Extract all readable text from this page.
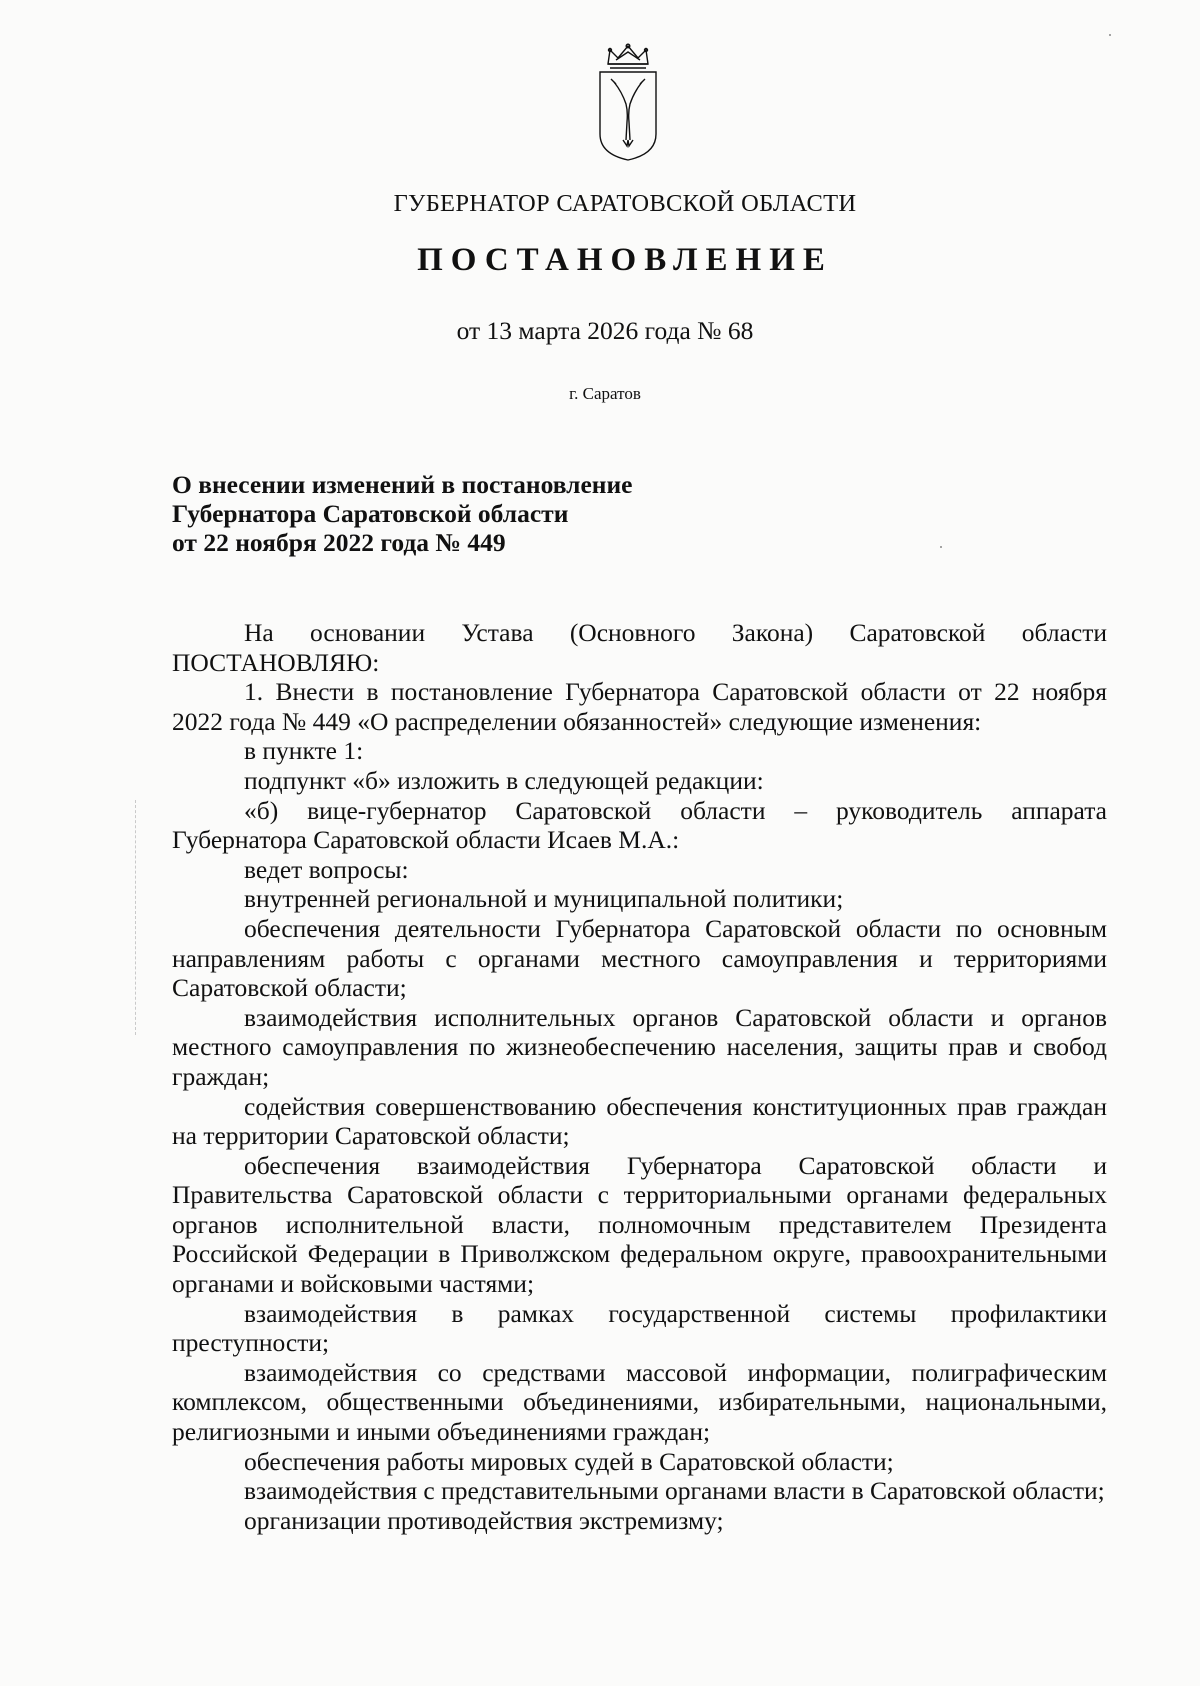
ГУБЕРНАТОР САРАТОВСКОЙ ОБЛАСТИ
ПОСТАНОВЛЕНИЕ
от 13 марта 2026 года № 68
г. Саратов
О внесении изменений в постановление
Губернатора Саратовской области
от 22 ноября 2022 года № 449

На основании Устава (Основного Закона) Саратовской области ПОСТАНОВЛЯЮ:

1. Внести в постановление Губернатора Саратовской области от 22 ноября 2022 года № 449 «О распределении обязанностей» следующие изменения:

в пункте 1:

подпункт «б» изложить в следующей редакции:

«б) вице-губернатор Саратовской области – руководитель аппарата Губернатора Саратовской области Исаев М.А.:

ведет вопросы:

внутренней региональной и муниципальной политики;

обеспечения деятельности Губернатора Саратовской области по основным направлениям работы с органами местного самоуправления и территориями Саратовской области;

взаимодействия исполнительных органов Саратовской области и органов местного самоуправления по жизнеобеспечению населения, защиты прав и свобод граждан;

содействия совершенствованию обеспечения конституционных прав граждан на территории Саратовской области;

обеспечения взаимодействия Губернатора Саратовской области и Правительства Саратовской области с территориальными органами федеральных органов исполнительной власти, полномочным представителем Президента Российской Федерации в Приволжском федеральном округе, правоохранительными органами и войсковыми частями;

взаимодействия в рамках государственной системы профилактики преступности;

взаимодействия со средствами массовой информации, полиграфическим комплексом, общественными объединениями, избирательными, национальными, религиозными и иными объединениями граждан;

обеспечения работы мировых судей в Саратовской области;

взаимодействия с представительными органами власти в Саратовской области;

организации противодействия экстремизму;
